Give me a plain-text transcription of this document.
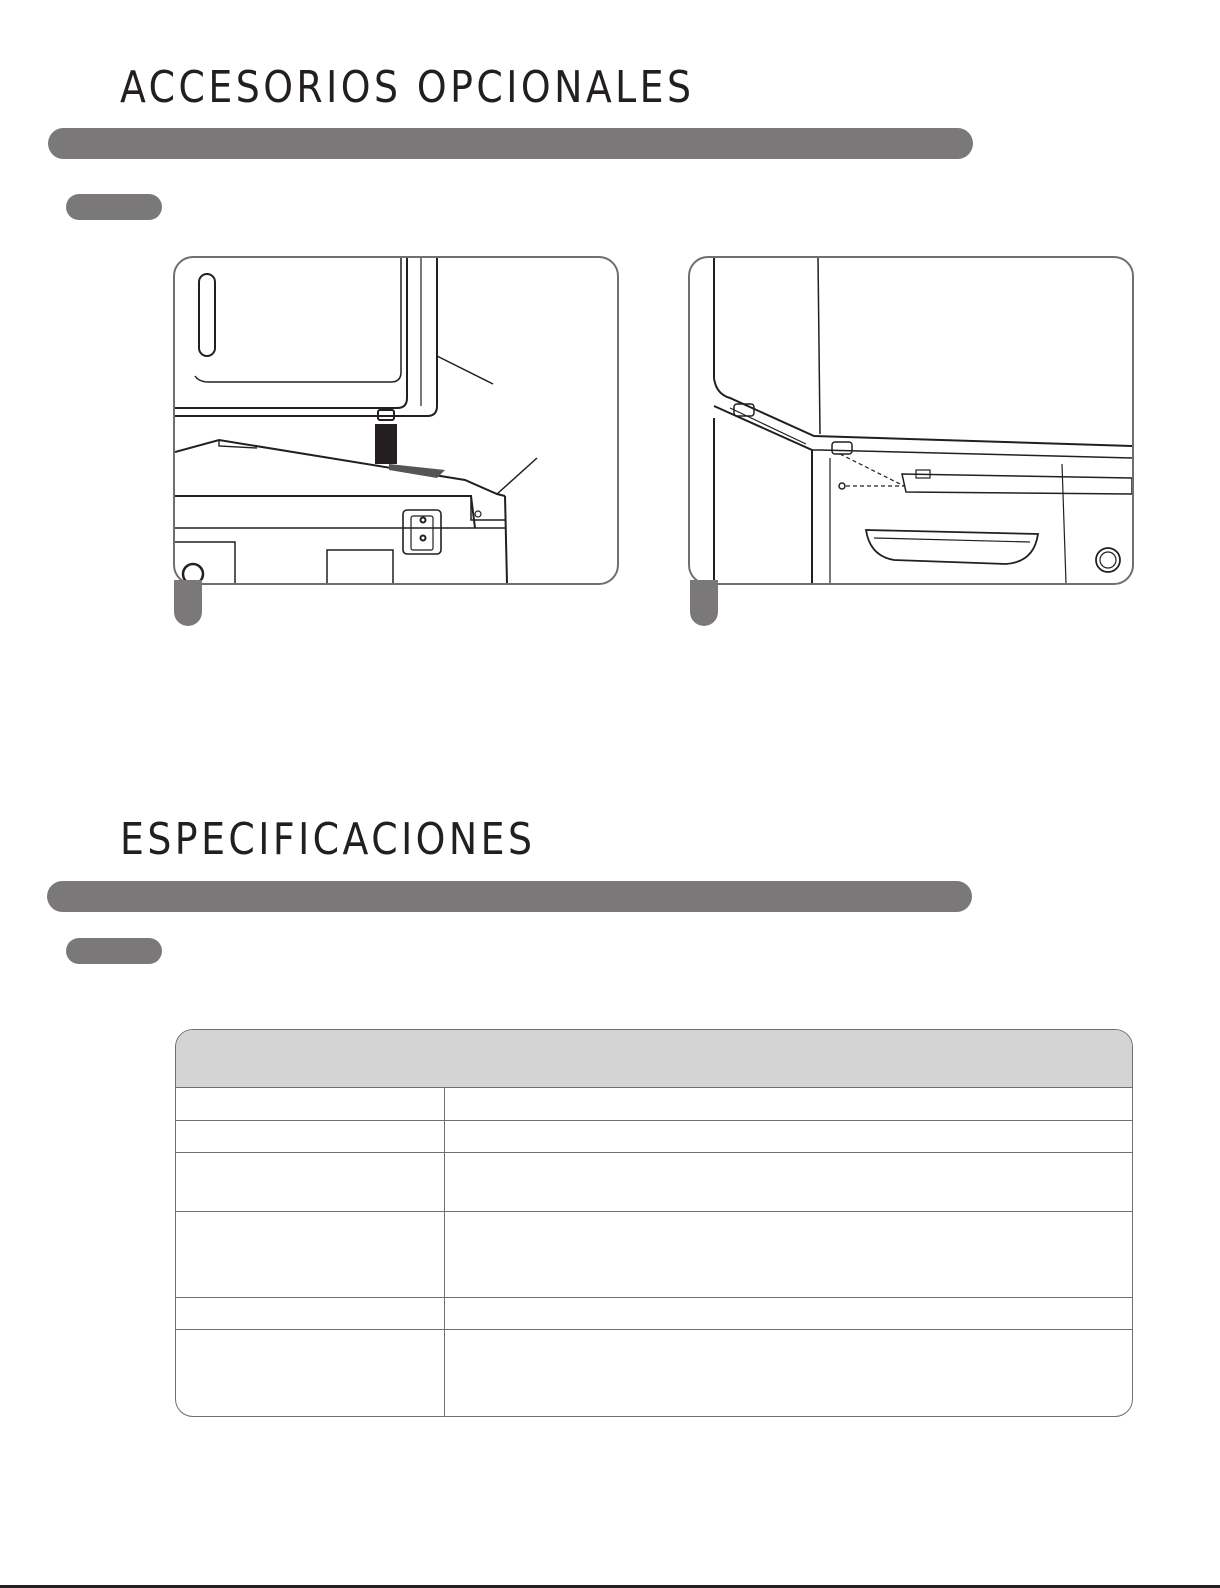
ACCESORIOS OPCIONALES
ESPECIFICACIONES
